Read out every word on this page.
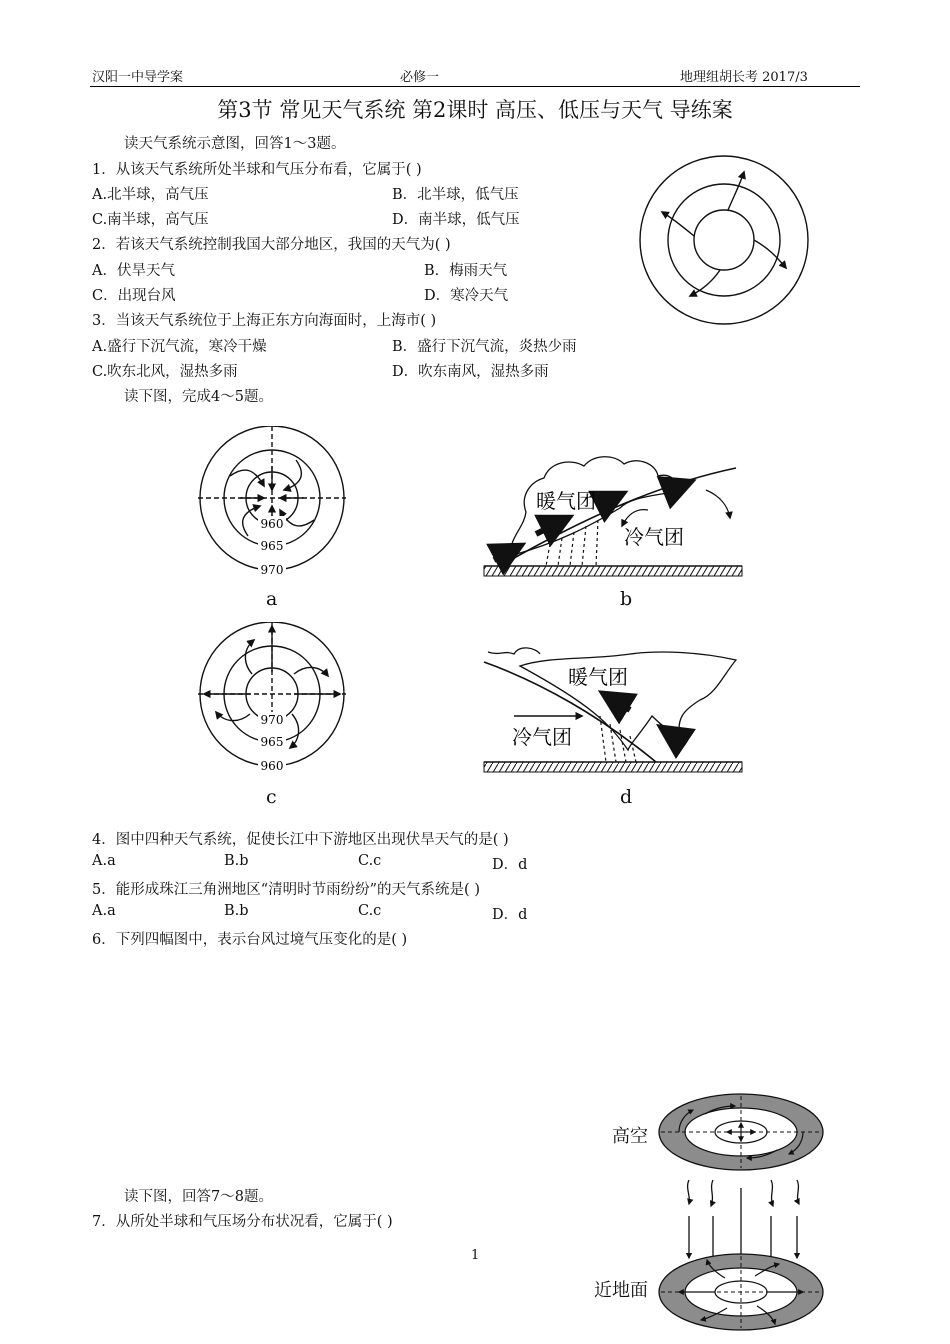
汉阳一中导学案	必修一	地理组胡长考 2017/3
第3节 常见天气系统 第2课时 高压、低压与天气 导练案
读天气系统示意图，回答1～3题。
1．从该天气系统所处半球和气压分布看，它属于( )
A.北半球，高气压	B．北半球，低气压
C.南半球，高气压	D．南半球，低气压
2．若该天气系统控制我国大部分地区，我国的天气为( )
A．伏旱天气	B．梅雨天气
C．出现台风	D．寒冷天气
3．当该天气系统位于上海正东方向海面时，上海市( )
A.盛行下沉气流，寒冷干燥	B．盛行下沉气流，炎热少雨
C.吹东北风，湿热多雨	D．吹东南风，湿热多雨
读下图，完成4～5题。
960
965
970
a
暖气团
冷气团
b
970
965
960
c
暖气团
冷气团
d
4．图中四种天气系统，促使长江中下游地区出现伏旱天气的是( )
A.a	B.b	C.c	D．d
5．能形成珠江三角洲地区“清明时节雨纷纷”的天气系统是( )
A.a	B.b	C.c	D．d
6．下列四幅图中，表示台风过境气压变化的是( )
读下图，回答7～8题。
7．从所处半球和气压场分布状况看，它属于( )
高空
近地面
1
